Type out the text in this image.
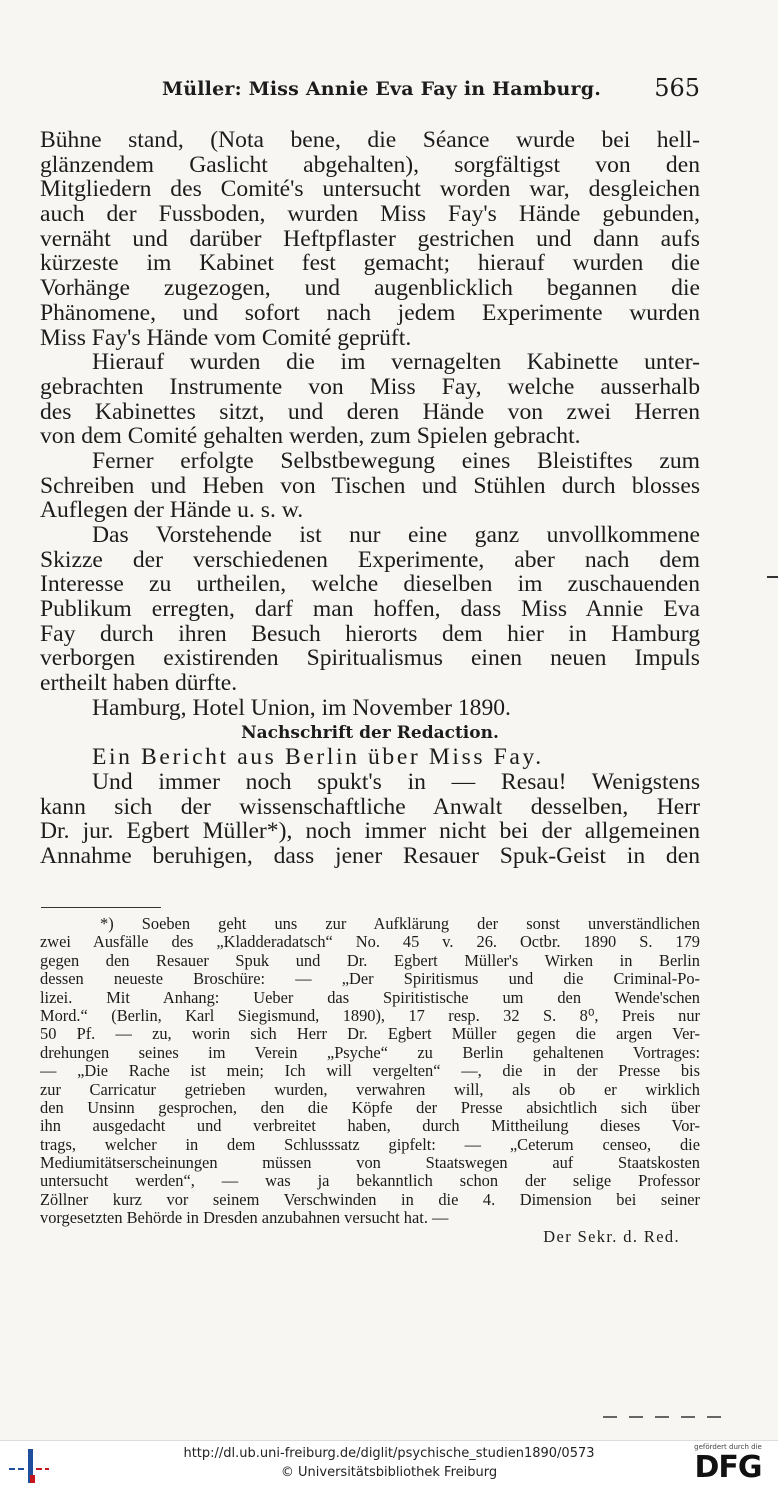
Müller: Miss Annie Eva Fay in Hamburg. 565
Bühne stand, (Nota bene, die Séance wurde bei hell-
glänzendem Gaslicht abgehalten), sorgfältigst von den
Mitgliedern des Comité's untersucht worden war, desgleichen
auch der Fussboden, wurden Miss Fay's Hände gebunden,
vernäht und darüber Heftpflaster gestrichen und dann aufs
kürzeste im Kabinet fest gemacht; hierauf wurden die
Vorhänge zugezogen, und augenblicklich begannen die
Phänomene, und sofort nach jedem Experimente wurden
Miss Fay's Hände vom Comité geprüft.
Hierauf wurden die im vernagelten Kabinette unter-
gebrachten Instrumente von Miss Fay, welche ausserhalb
des Kabinettes sitzt, und deren Hände von zwei Herren
von dem Comité gehalten werden, zum Spielen gebracht.
Ferner erfolgte Selbstbewegung eines Bleistiftes zum
Schreiben und Heben von Tischen und Stühlen durch blosses
Auflegen der Hände u. s. w.
Das Vorstehende ist nur eine ganz unvollkommene
Skizze der verschiedenen Experimente, aber nach dem
Interesse zu urtheilen, welche dieselben im zuschauenden
Publikum erregten, darf man hoffen, dass Miss Annie Eva
Fay durch ihren Besuch hierorts dem hier in Hamburg
verborgen existirenden Spiritualismus einen neuen Impuls
ertheilt haben dürfte.
Hamburg, Hotel Union, im November 1890.
Nachschrift der Redaction.
Ein Bericht aus Berlin über Miss Fay.
Und immer noch spukt's in — Resau! Wenigstens
kann sich der wissenschaftliche Anwalt desselben, Herr
Dr. jur. Egbert Müller*), noch immer nicht bei der allgemeinen
Annahme beruhigen, dass jener Resauer Spuk-Geist in den
*) Soeben geht uns zur Aufklärung der sonst unverständlichen
zwei Ausfälle des „Kladderadatsch“ No. 45 v. 26. Octbr. 1890 S. 179
gegen den Resauer Spuk und Dr. Egbert Müller's Wirken in Berlin
dessen neueste Broschüre: — „Der Spiritismus und die Criminal-Po-
lizei. Mit Anhang: Ueber das Spiritistische um den Wende'schen
Mord.“ (Berlin, Karl Siegismund, 1890), 17 resp. 32 S. 8⁰, Preis nur
50 Pf. — zu, worin sich Herr Dr. Egbert Müller gegen die argen Ver-
drehungen seines im Verein „Psyche“ zu Berlin gehaltenen Vortrages:
— „Die Rache ist mein; Ich will vergelten“ —, die in der Presse bis
zur Carricatur getrieben wurden, verwahren will, als ob er wirklich
den Unsinn gesprochen, den die Köpfe der Presse absichtlich sich über
ihn ausgedacht und verbreitet haben, durch Mittheilung dieses Vor-
trags, welcher in dem Schlusssatz gipfelt: — „Ceterum censeo, die
Mediumitätserscheinungen müssen von Staatswegen auf Staatskosten
untersucht werden“, — was ja bekanntlich schon der selige Professor
Zöllner kurz vor seinem Verschwinden in die 4. Dimension bei seiner
vorgesetzten Behörde in Dresden anzubahnen versucht hat. —
Der Sekr. d. Red.
http://dl.ub.uni-freiburg.de/diglit/psychische_studien1890/0573
© Universitätsbibliothek Freiburg
gefördert durch die
DFG
